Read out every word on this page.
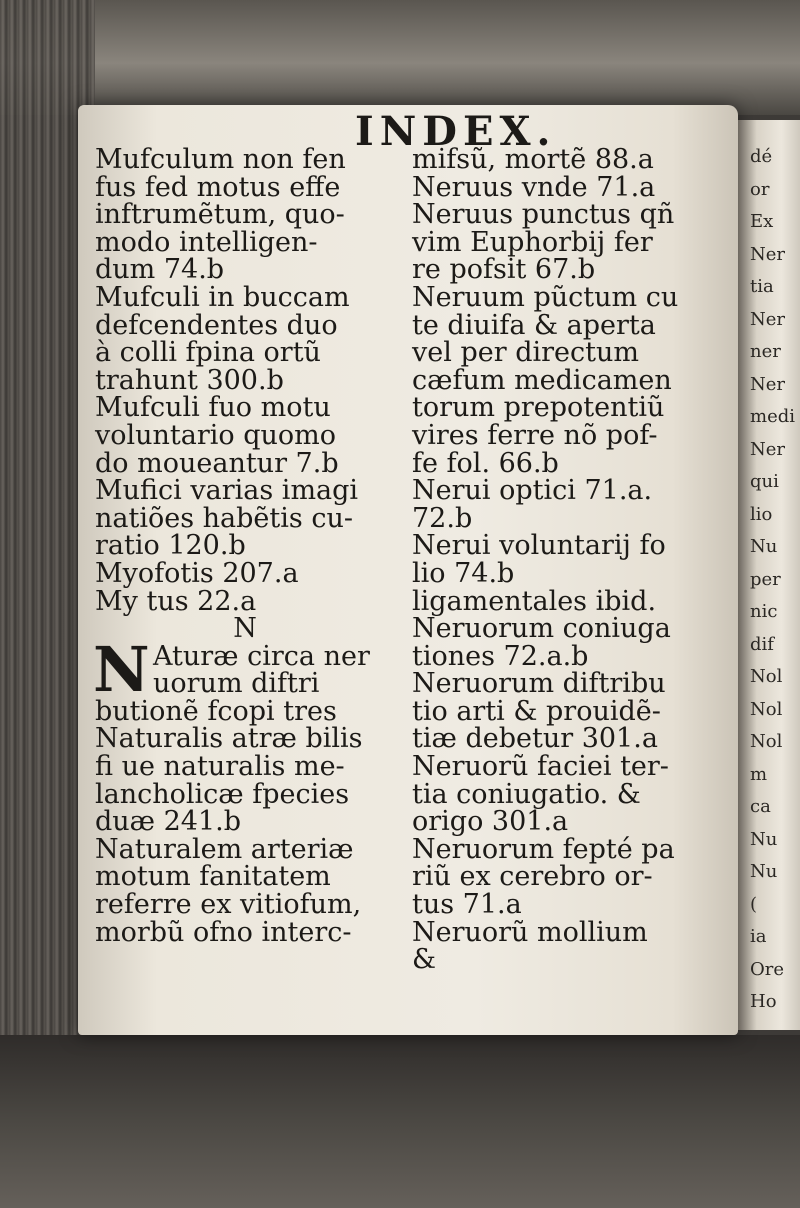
dé
or
Ex
Ner
tia
Ner
ner
Ner
medi
Ner
qui
lio
Nu
per
nic
dif
Nol
Nol
Nol
m
ca
Nu
Nu
(
ia
Ore
Ho
INDEX.
Mufculum non fen
fus fed motus effe
inftrumẽtum, quo-
modo intelligen-
dum 74.b
Mufculi in buccam
defcendentes duo
à colli fpina ortũ
trahunt 300.b
Mufculi fuo motu
voluntario quomo
do moueantur 7.b
Mufici varias imagi
natiões habẽtis cu-
ratio 120.b
Myofotis 207.a
My tus 22.a
N
Aturæ circa ner
uorum diftri
butionẽ fcopi tres
Naturalis atræ bilis
fi ue naturalis me-
lancholicæ fpecies
duæ 241.b
Naturalem arteriæ
motum fanitatem
referre ex vitiofum,
morbũ ofno interc-
N
mifsũ, mortẽ 88.a
Neruus vnde 71.a
Neruus punctus qñ
vim Euphorbij fer
re pofsit 67.b
Neruum pũctum cu
te diuifa & aperta
vel per directum
cæfum medicamen
torum prepotentiũ
vires ferre nõ pof-
fe fol. 66.b
Nerui optici 71.a.
72.b
Nerui voluntarij fo
lio 74.b
ligamentales ibid.
Neruorum coniuga
tiones 72.a.b
Neruorum diftribu
tio arti & prouidẽ-
tiæ debetur 301.a
Neruorũ faciei ter-
tia coniugatio. &
origo 301.a
Neruorum fepté pa
riũ ex cerebro or-
tus 71.a
Neruorũ mollium
&
